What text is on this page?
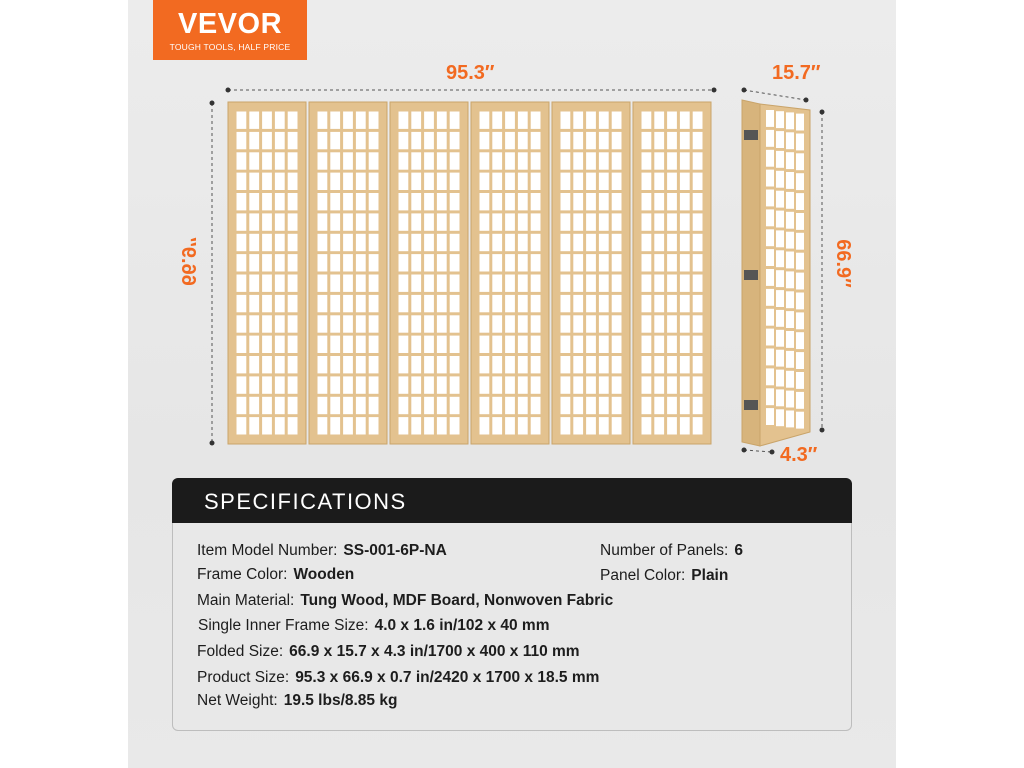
VEVOR
TOUGH TOOLS, HALF PRICE
95.3″
66.9″
15.7″
66.9″
4.3″
SPECIFICATIONS
Item Model Number: SS-001-6P-NA	Number of Panels: 6
Frame Color: Wooden	Panel Color: Plain
Main Material: Tung Wood, MDF Board, Nonwoven Fabric
Single Inner Frame Size: 4.0 x 1.6 in/102 x 40 mm
Folded Size: 66.9 x 15.7 x 4.3 in/1700 x 400 x 110 mm
Product Size: 95.3 x 66.9 x 0.7 in/2420 x 1700 x 18.5 mm
Net Weight: 19.5 lbs/8.85 kg
